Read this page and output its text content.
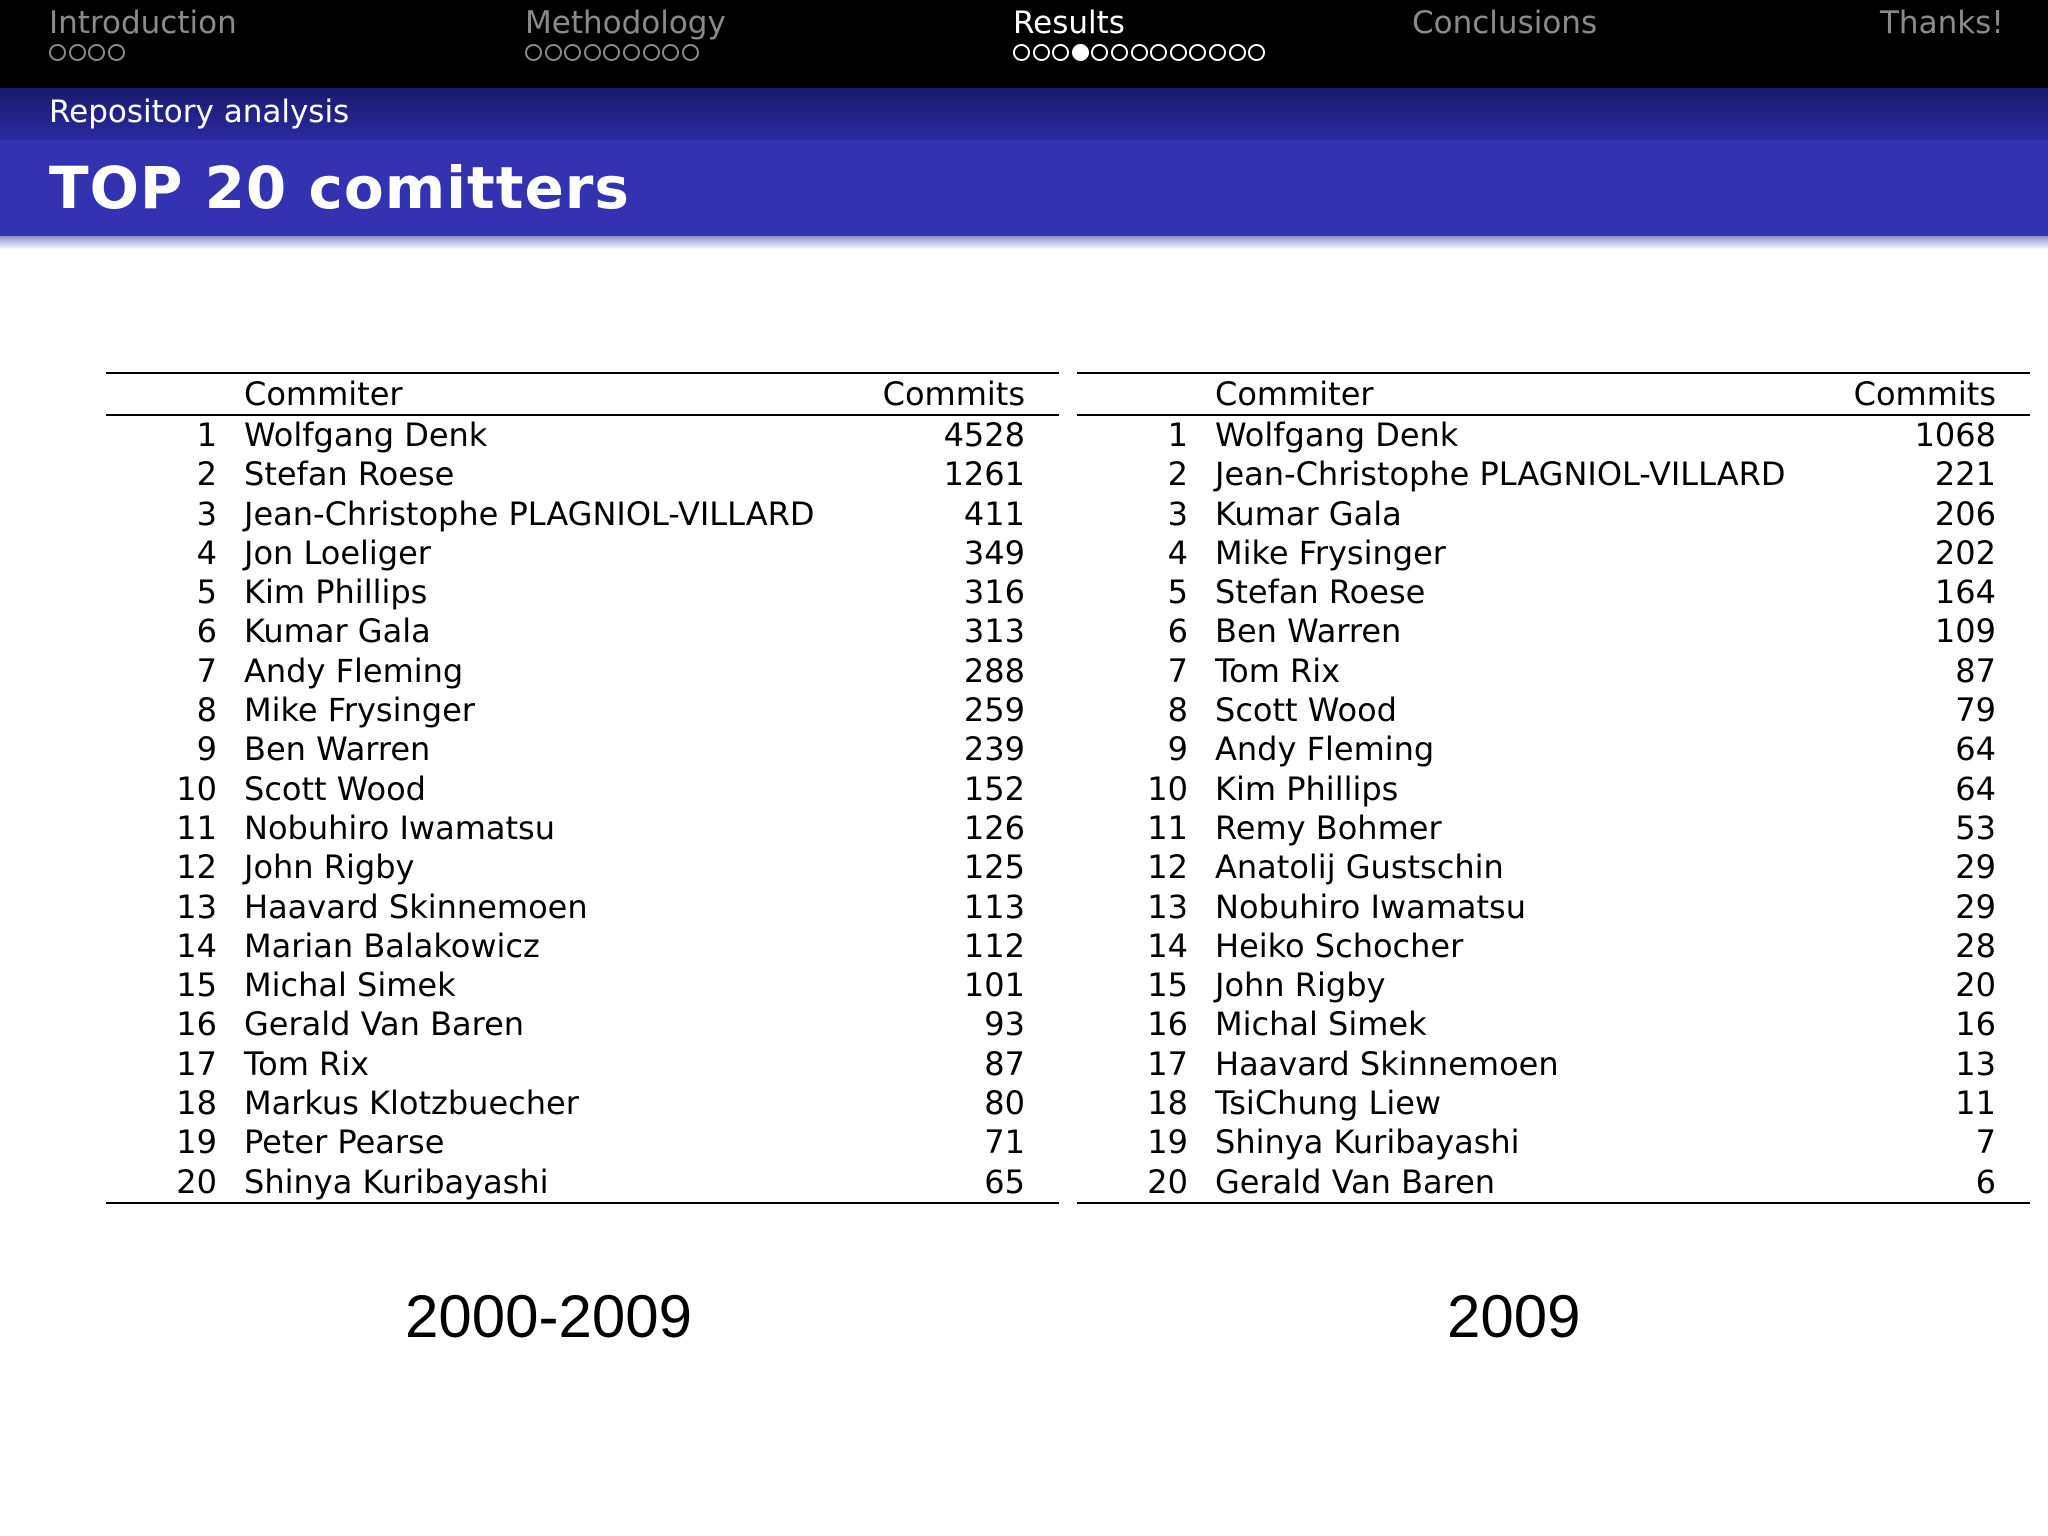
Introduction	Methodology	Results	Conclusions	Thanks!
Repository analysis
TOP 20 comitters
	Commiter	Commits
1	Wolfgang Denk	4528
2	Stefan Roese	1261
3	Jean-Christophe PLAGNIOL-VILLARD	411
4	Jon Loeliger	349
5	Kim Phillips	316
6	Kumar Gala	313
7	Andy Fleming	288
8	Mike Frysinger	259
9	Ben Warren	239
10	Scott Wood	152
11	Nobuhiro Iwamatsu	126
12	John Rigby	125
13	Haavard Skinnemoen	113
14	Marian Balakowicz	112
15	Michal Simek	101
16	Gerald Van Baren	93
17	Tom Rix	87
18	Markus Klotzbuecher	80
19	Peter Pearse	71
20	Shinya Kuribayashi	65
	Commiter	Commits
1	Wolfgang Denk	1068
2	Jean-Christophe PLAGNIOL-VILLARD	221
3	Kumar Gala	206
4	Mike Frysinger	202
5	Stefan Roese	164
6	Ben Warren	109
7	Tom Rix	87
8	Scott Wood	79
9	Andy Fleming	64
10	Kim Phillips	64
11	Remy Bohmer	53
12	Anatolij Gustschin	29
13	Nobuhiro Iwamatsu	29
14	Heiko Schocher	28
15	John Rigby	20
16	Michal Simek	16
17	Haavard Skinnemoen	13
18	TsiChung Liew	11
19	Shinya Kuribayashi	7
20	Gerald Van Baren	6
2000-2009	2009
